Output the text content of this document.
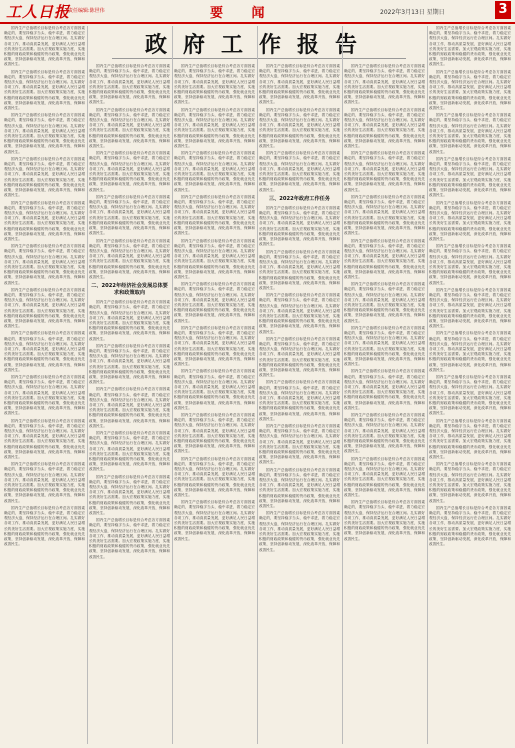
工人日报
责任编辑:陈世伟	要 闻	2022年3月13日 星期日	3
政府工作报告

国内生产总值增长目标是综合考虑各方面因素确定的，要坚持稳字当头、稳中求进，着力稳定宏观经济大盘，保持经济运行在合理区间。扎实做好各项工作，推动高质量发展，更好满足人民日益增长的美好生活需要。加大宏观政策实施力度，实施积极的财政政策和稳健的货币政策，强化就业优先政策，坚持创新驱动发展，深化改革开放，保障和改善民生。

国内生产总值增长目标是综合考虑各方面因素确定的，要坚持稳字当头、稳中求进，着力稳定宏观经济大盘，保持经济运行在合理区间。扎实做好各项工作，推动高质量发展，更好满足人民日益增长的美好生活需要。加大宏观政策实施力度，实施积极的财政政策和稳健的货币政策，强化就业优先政策，坚持创新驱动发展，深化改革开放，保障和改善民生。

国内生产总值增长目标是综合考虑各方面因素确定的，要坚持稳字当头、稳中求进，着力稳定宏观经济大盘，保持经济运行在合理区间。扎实做好各项工作，推动高质量发展，更好满足人民日益增长的美好生活需要。加大宏观政策实施力度，实施积极的财政政策和稳健的货币政策，强化就业优先政策，坚持创新驱动发展，深化改革开放，保障和改善民生。

国内生产总值增长目标是综合考虑各方面因素确定的，要坚持稳字当头、稳中求进，着力稳定宏观经济大盘，保持经济运行在合理区间。扎实做好各项工作，推动高质量发展，更好满足人民日益增长的美好生活需要。加大宏观政策实施力度，实施积极的财政政策和稳健的货币政策，强化就业优先政策，坚持创新驱动发展，深化改革开放，保障和改善民生。

国内生产总值增长目标是综合考虑各方面因素确定的，要坚持稳字当头、稳中求进，着力稳定宏观经济大盘，保持经济运行在合理区间。扎实做好各项工作，推动高质量发展，更好满足人民日益增长的美好生活需要。加大宏观政策实施力度，实施积极的财政政策和稳健的货币政策，强化就业优先政策，坚持创新驱动发展，深化改革开放，保障和改善民生。

国内生产总值增长目标是综合考虑各方面因素确定的，要坚持稳字当头、稳中求进，着力稳定宏观经济大盘，保持经济运行在合理区间。扎实做好各项工作，推动高质量发展，更好满足人民日益增长的美好生活需要。加大宏观政策实施力度，实施积极的财政政策和稳健的货币政策，强化就业优先政策，坚持创新驱动发展，深化改革开放，保障和改善民生。

国内生产总值增长目标是综合考虑各方面因素确定的，要坚持稳字当头、稳中求进，着力稳定宏观经济大盘，保持经济运行在合理区间。扎实做好各项工作，推动高质量发展，更好满足人民日益增长的美好生活需要。加大宏观政策实施力度，实施积极的财政政策和稳健的货币政策，强化就业优先政策，坚持创新驱动发展，深化改革开放，保障和改善民生。

国内生产总值增长目标是综合考虑各方面因素确定的，要坚持稳字当头、稳中求进，着力稳定宏观经济大盘，保持经济运行在合理区间。扎实做好各项工作，推动高质量发展，更好满足人民日益增长的美好生活需要。加大宏观政策实施力度，实施积极的财政政策和稳健的货币政策，强化就业优先政策，坚持创新驱动发展，深化改革开放，保障和改善民生。

国内生产总值增长目标是综合考虑各方面因素确定的，要坚持稳字当头、稳中求进，着力稳定宏观经济大盘，保持经济运行在合理区间。扎实做好各项工作，推动高质量发展，更好满足人民日益增长的美好生活需要。加大宏观政策实施力度，实施积极的财政政策和稳健的货币政策，强化就业优先政策，坚持创新驱动发展，深化改革开放，保障和改善民生。

国内生产总值增长目标是综合考虑各方面因素确定的，要坚持稳字当头、稳中求进，着力稳定宏观经济大盘，保持经济运行在合理区间。扎实做好各项工作，推动高质量发展，更好满足人民日益增长的美好生活需要。加大宏观政策实施力度，实施积极的财政政策和稳健的货币政策，强化就业优先政策，坚持创新驱动发展，深化改革开放，保障和改善民生。

国内生产总值增长目标是综合考虑各方面因素确定的，要坚持稳字当头、稳中求进，着力稳定宏观经济大盘，保持经济运行在合理区间。扎实做好各项工作，推动高质量发展，更好满足人民日益增长的美好生活需要。加大宏观政策实施力度，实施积极的财政政策和稳健的货币政策，强化就业优先政策，坚持创新驱动发展，深化改革开放，保障和改善民生。

国内生产总值增长目标是综合考虑各方面因素确定的，要坚持稳字当头、稳中求进，着力稳定宏观经济大盘，保持经济运行在合理区间。扎实做好各项工作，推动高质量发展，更好满足人民日益增长的美好生活需要。加大宏观政策实施力度，实施积极的财政政策和稳健的货币政策，强化就业优先政策，坚持创新驱动发展，深化改革开放，保障和改善民生。

国内生产总值增长目标是综合考虑各方面因素确定的，要坚持稳字当头、稳中求进，着力稳定宏观经济大盘，保持经济运行在合理区间。扎实做好各项工作，推动高质量发展，更好满足人民日益增长的美好生活需要。加大宏观政策实施力度，实施积极的财政政策和稳健的货币政策，强化就业优先政策，坚持创新驱动发展，深化改革开放，保障和改善民生。

国内生产总值增长目标是综合考虑各方面因素确定的，要坚持稳字当头、稳中求进，着力稳定宏观经济大盘，保持经济运行在合理区间。扎实做好各项工作，推动高质量发展，更好满足人民日益增长的美好生活需要。加大宏观政策实施力度，实施积极的财政政策和稳健的货币政策，强化就业优先政策，坚持创新驱动发展，深化改革开放，保障和改善民生。

国内生产总值增长目标是综合考虑各方面因素确定的，要坚持稳字当头、稳中求进，着力稳定宏观经济大盘，保持经济运行在合理区间。扎实做好各项工作，推动高质量发展，更好满足人民日益增长的美好生活需要。加大宏观政策实施力度，实施积极的财政政策和稳健的货币政策，强化就业优先政策，坚持创新驱动发展，深化改革开放，保障和改善民生。

国内生产总值增长目标是综合考虑各方面因素确定的，要坚持稳字当头、稳中求进，着力稳定宏观经济大盘，保持经济运行在合理区间。扎实做好各项工作，推动高质量发展，更好满足人民日益增长的美好生活需要。加大宏观政策实施力度，实施积极的财政政策和稳健的货币政策，强化就业优先政策，坚持创新驱动发展，深化改革开放，保障和改善民生。

国内生产总值增长目标是综合考虑各方面因素确定的，要坚持稳字当头、稳中求进，着力稳定宏观经济大盘，保持经济运行在合理区间。扎实做好各项工作，推动高质量发展，更好满足人民日益增长的美好生活需要。加大宏观政策实施力度，实施积极的财政政策和稳健的货币政策，强化就业优先政策，坚持创新驱动发展，深化改革开放，保障和改善民生。

二、2022年经济社会发展总体要求和政策取向

国内生产总值增长目标是综合考虑各方面因素确定的，要坚持稳字当头、稳中求进，着力稳定宏观经济大盘，保持经济运行在合理区间。扎实做好各项工作，推动高质量发展，更好满足人民日益增长的美好生活需要。加大宏观政策实施力度，实施积极的财政政策和稳健的货币政策，强化就业优先政策，坚持创新驱动发展，深化改革开放，保障和改善民生。

国内生产总值增长目标是综合考虑各方面因素确定的，要坚持稳字当头、稳中求进，着力稳定宏观经济大盘，保持经济运行在合理区间。扎实做好各项工作，推动高质量发展，更好满足人民日益增长的美好生活需要。加大宏观政策实施力度，实施积极的财政政策和稳健的货币政策，强化就业优先政策，坚持创新驱动发展，深化改革开放，保障和改善民生。

国内生产总值增长目标是综合考虑各方面因素确定的，要坚持稳字当头、稳中求进，着力稳定宏观经济大盘，保持经济运行在合理区间。扎实做好各项工作，推动高质量发展，更好满足人民日益增长的美好生活需要。加大宏观政策实施力度，实施积极的财政政策和稳健的货币政策，强化就业优先政策，坚持创新驱动发展，深化改革开放，保障和改善民生。

国内生产总值增长目标是综合考虑各方面因素确定的，要坚持稳字当头、稳中求进，着力稳定宏观经济大盘，保持经济运行在合理区间。扎实做好各项工作，推动高质量发展，更好满足人民日益增长的美好生活需要。加大宏观政策实施力度，实施积极的财政政策和稳健的货币政策，强化就业优先政策，坚持创新驱动发展，深化改革开放，保障和改善民生。

国内生产总值增长目标是综合考虑各方面因素确定的，要坚持稳字当头、稳中求进，着力稳定宏观经济大盘，保持经济运行在合理区间。扎实做好各项工作，推动高质量发展，更好满足人民日益增长的美好生活需要。加大宏观政策实施力度，实施积极的财政政策和稳健的货币政策，强化就业优先政策，坚持创新驱动发展，深化改革开放，保障和改善民生。

国内生产总值增长目标是综合考虑各方面因素确定的，要坚持稳字当头、稳中求进，着力稳定宏观经济大盘，保持经济运行在合理区间。扎实做好各项工作，推动高质量发展，更好满足人民日益增长的美好生活需要。加大宏观政策实施力度，实施积极的财政政策和稳健的货币政策，强化就业优先政策，坚持创新驱动发展，深化改革开放，保障和改善民生。

国内生产总值增长目标是综合考虑各方面因素确定的，要坚持稳字当头、稳中求进，着力稳定宏观经济大盘，保持经济运行在合理区间。扎实做好各项工作，推动高质量发展，更好满足人民日益增长的美好生活需要。加大宏观政策实施力度，实施积极的财政政策和稳健的货币政策，强化就业优先政策，坚持创新驱动发展，深化改革开放，保障和改善民生。

国内生产总值增长目标是综合考虑各方面因素确定的，要坚持稳字当头、稳中求进，着力稳定宏观经济大盘，保持经济运行在合理区间。扎实做好各项工作，推动高质量发展，更好满足人民日益增长的美好生活需要。加大宏观政策实施力度，实施积极的财政政策和稳健的货币政策，强化就业优先政策，坚持创新驱动发展，深化改革开放，保障和改善民生。

国内生产总值增长目标是综合考虑各方面因素确定的，要坚持稳字当头、稳中求进，着力稳定宏观经济大盘，保持经济运行在合理区间。扎实做好各项工作，推动高质量发展，更好满足人民日益增长的美好生活需要。加大宏观政策实施力度，实施积极的财政政策和稳健的货币政策，强化就业优先政策，坚持创新驱动发展，深化改革开放，保障和改善民生。

国内生产总值增长目标是综合考虑各方面因素确定的，要坚持稳字当头、稳中求进，着力稳定宏观经济大盘，保持经济运行在合理区间。扎实做好各项工作，推动高质量发展，更好满足人民日益增长的美好生活需要。加大宏观政策实施力度，实施积极的财政政策和稳健的货币政策，强化就业优先政策，坚持创新驱动发展，深化改革开放，保障和改善民生。

国内生产总值增长目标是综合考虑各方面因素确定的，要坚持稳字当头、稳中求进，着力稳定宏观经济大盘，保持经济运行在合理区间。扎实做好各项工作，推动高质量发展，更好满足人民日益增长的美好生活需要。加大宏观政策实施力度，实施积极的财政政策和稳健的货币政策，强化就业优先政策，坚持创新驱动发展，深化改革开放，保障和改善民生。

国内生产总值增长目标是综合考虑各方面因素确定的，要坚持稳字当头、稳中求进，着力稳定宏观经济大盘，保持经济运行在合理区间。扎实做好各项工作，推动高质量发展，更好满足人民日益增长的美好生活需要。加大宏观政策实施力度，实施积极的财政政策和稳健的货币政策，强化就业优先政策，坚持创新驱动发展，深化改革开放，保障和改善民生。

国内生产总值增长目标是综合考虑各方面因素确定的，要坚持稳字当头、稳中求进，着力稳定宏观经济大盘，保持经济运行在合理区间。扎实做好各项工作，推动高质量发展，更好满足人民日益增长的美好生活需要。加大宏观政策实施力度，实施积极的财政政策和稳健的货币政策，强化就业优先政策，坚持创新驱动发展，深化改革开放，保障和改善民生。

国内生产总值增长目标是综合考虑各方面因素确定的，要坚持稳字当头、稳中求进，着力稳定宏观经济大盘，保持经济运行在合理区间。扎实做好各项工作，推动高质量发展，更好满足人民日益增长的美好生活需要。加大宏观政策实施力度，实施积极的财政政策和稳健的货币政策，强化就业优先政策，坚持创新驱动发展，深化改革开放，保障和改善民生。

国内生产总值增长目标是综合考虑各方面因素确定的，要坚持稳字当头、稳中求进，着力稳定宏观经济大盘，保持经济运行在合理区间。扎实做好各项工作，推动高质量发展，更好满足人民日益增长的美好生活需要。加大宏观政策实施力度，实施积极的财政政策和稳健的货币政策，强化就业优先政策，坚持创新驱动发展，深化改革开放，保障和改善民生。

国内生产总值增长目标是综合考虑各方面因素确定的，要坚持稳字当头、稳中求进，着力稳定宏观经济大盘，保持经济运行在合理区间。扎实做好各项工作，推动高质量发展，更好满足人民日益增长的美好生活需要。加大宏观政策实施力度，实施积极的财政政策和稳健的货币政策，强化就业优先政策，坚持创新驱动发展，深化改革开放，保障和改善民生。

国内生产总值增长目标是综合考虑各方面因素确定的，要坚持稳字当头、稳中求进，着力稳定宏观经济大盘，保持经济运行在合理区间。扎实做好各项工作，推动高质量发展，更好满足人民日益增长的美好生活需要。加大宏观政策实施力度，实施积极的财政政策和稳健的货币政策，强化就业优先政策，坚持创新驱动发展，深化改革开放，保障和改善民生。

国内生产总值增长目标是综合考虑各方面因素确定的，要坚持稳字当头、稳中求进，着力稳定宏观经济大盘，保持经济运行在合理区间。扎实做好各项工作，推动高质量发展，更好满足人民日益增长的美好生活需要。加大宏观政策实施力度，实施积极的财政政策和稳健的货币政策，强化就业优先政策，坚持创新驱动发展，深化改革开放，保障和改善民生。

国内生产总值增长目标是综合考虑各方面因素确定的，要坚持稳字当头、稳中求进，着力稳定宏观经济大盘，保持经济运行在合理区间。扎实做好各项工作，推动高质量发展，更好满足人民日益增长的美好生活需要。加大宏观政策实施力度，实施积极的财政政策和稳健的货币政策，强化就业优先政策，坚持创新驱动发展，深化改革开放，保障和改善民生。

国内生产总值增长目标是综合考虑各方面因素确定的，要坚持稳字当头、稳中求进，着力稳定宏观经济大盘，保持经济运行在合理区间。扎实做好各项工作，推动高质量发展，更好满足人民日益增长的美好生活需要。加大宏观政策实施力度，实施积极的财政政策和稳健的货币政策，强化就业优先政策，坚持创新驱动发展，深化改革开放，保障和改善民生。

三、2022年政府工作任务

国内生产总值增长目标是综合考虑各方面因素确定的，要坚持稳字当头、稳中求进，着力稳定宏观经济大盘，保持经济运行在合理区间。扎实做好各项工作，推动高质量发展，更好满足人民日益增长的美好生活需要。加大宏观政策实施力度，实施积极的财政政策和稳健的货币政策，强化就业优先政策，坚持创新驱动发展，深化改革开放，保障和改善民生。

国内生产总值增长目标是综合考虑各方面因素确定的，要坚持稳字当头、稳中求进，着力稳定宏观经济大盘，保持经济运行在合理区间。扎实做好各项工作，推动高质量发展，更好满足人民日益增长的美好生活需要。加大宏观政策实施力度，实施积极的财政政策和稳健的货币政策，强化就业优先政策，坚持创新驱动发展，深化改革开放，保障和改善民生。

国内生产总值增长目标是综合考虑各方面因素确定的，要坚持稳字当头、稳中求进，着力稳定宏观经济大盘，保持经济运行在合理区间。扎实做好各项工作，推动高质量发展，更好满足人民日益增长的美好生活需要。加大宏观政策实施力度，实施积极的财政政策和稳健的货币政策，强化就业优先政策，坚持创新驱动发展，深化改革开放，保障和改善民生。

国内生产总值增长目标是综合考虑各方面因素确定的，要坚持稳字当头、稳中求进，着力稳定宏观经济大盘，保持经济运行在合理区间。扎实做好各项工作，推动高质量发展，更好满足人民日益增长的美好生活需要。加大宏观政策实施力度，实施积极的财政政策和稳健的货币政策，强化就业优先政策，坚持创新驱动发展，深化改革开放，保障和改善民生。

国内生产总值增长目标是综合考虑各方面因素确定的，要坚持稳字当头、稳中求进，着力稳定宏观经济大盘，保持经济运行在合理区间。扎实做好各项工作，推动高质量发展，更好满足人民日益增长的美好生活需要。加大宏观政策实施力度，实施积极的财政政策和稳健的货币政策，强化就业优先政策，坚持创新驱动发展，深化改革开放，保障和改善民生。

国内生产总值增长目标是综合考虑各方面因素确定的，要坚持稳字当头、稳中求进，着力稳定宏观经济大盘，保持经济运行在合理区间。扎实做好各项工作，推动高质量发展，更好满足人民日益增长的美好生活需要。加大宏观政策实施力度，实施积极的财政政策和稳健的货币政策，强化就业优先政策，坚持创新驱动发展，深化改革开放，保障和改善民生。

国内生产总值增长目标是综合考虑各方面因素确定的，要坚持稳字当头、稳中求进，着力稳定宏观经济大盘，保持经济运行在合理区间。扎实做好各项工作，推动高质量发展，更好满足人民日益增长的美好生活需要。加大宏观政策实施力度，实施积极的财政政策和稳健的货币政策，强化就业优先政策，坚持创新驱动发展，深化改革开放，保障和改善民生。

国内生产总值增长目标是综合考虑各方面因素确定的，要坚持稳字当头、稳中求进，着力稳定宏观经济大盘，保持经济运行在合理区间。扎实做好各项工作，推动高质量发展，更好满足人民日益增长的美好生活需要。加大宏观政策实施力度，实施积极的财政政策和稳健的货币政策，强化就业优先政策，坚持创新驱动发展，深化改革开放，保障和改善民生。

国内生产总值增长目标是综合考虑各方面因素确定的，要坚持稳字当头、稳中求进，着力稳定宏观经济大盘，保持经济运行在合理区间。扎实做好各项工作，推动高质量发展，更好满足人民日益增长的美好生活需要。加大宏观政策实施力度，实施积极的财政政策和稳健的货币政策，强化就业优先政策，坚持创新驱动发展，深化改革开放，保障和改善民生。

国内生产总值增长目标是综合考虑各方面因素确定的，要坚持稳字当头、稳中求进，着力稳定宏观经济大盘，保持经济运行在合理区间。扎实做好各项工作，推动高质量发展，更好满足人民日益增长的美好生活需要。加大宏观政策实施力度，实施积极的财政政策和稳健的货币政策，强化就业优先政策，坚持创新驱动发展，深化改革开放，保障和改善民生。

国内生产总值增长目标是综合考虑各方面因素确定的，要坚持稳字当头、稳中求进，着力稳定宏观经济大盘，保持经济运行在合理区间。扎实做好各项工作，推动高质量发展，更好满足人民日益增长的美好生活需要。加大宏观政策实施力度，实施积极的财政政策和稳健的货币政策，强化就业优先政策，坚持创新驱动发展，深化改革开放，保障和改善民生。

国内生产总值增长目标是综合考虑各方面因素确定的，要坚持稳字当头、稳中求进，着力稳定宏观经济大盘，保持经济运行在合理区间。扎实做好各项工作，推动高质量发展，更好满足人民日益增长的美好生活需要。加大宏观政策实施力度，实施积极的财政政策和稳健的货币政策，强化就业优先政策，坚持创新驱动发展，深化改革开放，保障和改善民生。

国内生产总值增长目标是综合考虑各方面因素确定的，要坚持稳字当头、稳中求进，着力稳定宏观经济大盘，保持经济运行在合理区间。扎实做好各项工作，推动高质量发展，更好满足人民日益增长的美好生活需要。加大宏观政策实施力度，实施积极的财政政策和稳健的货币政策，强化就业优先政策，坚持创新驱动发展，深化改革开放，保障和改善民生。

国内生产总值增长目标是综合考虑各方面因素确定的，要坚持稳字当头、稳中求进，着力稳定宏观经济大盘，保持经济运行在合理区间。扎实做好各项工作，推动高质量发展，更好满足人民日益增长的美好生活需要。加大宏观政策实施力度，实施积极的财政政策和稳健的货币政策，强化就业优先政策，坚持创新驱动发展，深化改革开放，保障和改善民生。

国内生产总值增长目标是综合考虑各方面因素确定的，要坚持稳字当头、稳中求进，着力稳定宏观经济大盘，保持经济运行在合理区间。扎实做好各项工作，推动高质量发展，更好满足人民日益增长的美好生活需要。加大宏观政策实施力度，实施积极的财政政策和稳健的货币政策，强化就业优先政策，坚持创新驱动发展，深化改革开放，保障和改善民生。

国内生产总值增长目标是综合考虑各方面因素确定的，要坚持稳字当头、稳中求进，着力稳定宏观经济大盘，保持经济运行在合理区间。扎实做好各项工作，推动高质量发展，更好满足人民日益增长的美好生活需要。加大宏观政策实施力度，实施积极的财政政策和稳健的货币政策，强化就业优先政策，坚持创新驱动发展，深化改革开放，保障和改善民生。

国内生产总值增长目标是综合考虑各方面因素确定的，要坚持稳字当头、稳中求进，着力稳定宏观经济大盘，保持经济运行在合理区间。扎实做好各项工作，推动高质量发展，更好满足人民日益增长的美好生活需要。加大宏观政策实施力度，实施积极的财政政策和稳健的货币政策，强化就业优先政策，坚持创新驱动发展，深化改革开放，保障和改善民生。

国内生产总值增长目标是综合考虑各方面因素确定的，要坚持稳字当头、稳中求进，着力稳定宏观经济大盘，保持经济运行在合理区间。扎实做好各项工作，推动高质量发展，更好满足人民日益增长的美好生活需要。加大宏观政策实施力度，实施积极的财政政策和稳健的货币政策，强化就业优先政策，坚持创新驱动发展，深化改革开放，保障和改善民生。

国内生产总值增长目标是综合考虑各方面因素确定的，要坚持稳字当头、稳中求进，着力稳定宏观经济大盘，保持经济运行在合理区间。扎实做好各项工作，推动高质量发展，更好满足人民日益增长的美好生活需要。加大宏观政策实施力度，实施积极的财政政策和稳健的货币政策，强化就业优先政策，坚持创新驱动发展，深化改革开放，保障和改善民生。

国内生产总值增长目标是综合考虑各方面因素确定的，要坚持稳字当头、稳中求进，着力稳定宏观经济大盘，保持经济运行在合理区间。扎实做好各项工作，推动高质量发展，更好满足人民日益增长的美好生活需要。加大宏观政策实施力度，实施积极的财政政策和稳健的货币政策，强化就业优先政策，坚持创新驱动发展，深化改革开放，保障和改善民生。

国内生产总值增长目标是综合考虑各方面因素确定的，要坚持稳字当头、稳中求进，着力稳定宏观经济大盘，保持经济运行在合理区间。扎实做好各项工作，推动高质量发展，更好满足人民日益增长的美好生活需要。加大宏观政策实施力度，实施积极的财政政策和稳健的货币政策，强化就业优先政策，坚持创新驱动发展，深化改革开放，保障和改善民生。

国内生产总值增长目标是综合考虑各方面因素确定的，要坚持稳字当头、稳中求进，着力稳定宏观经济大盘，保持经济运行在合理区间。扎实做好各项工作，推动高质量发展，更好满足人民日益增长的美好生活需要。加大宏观政策实施力度，实施积极的财政政策和稳健的货币政策，强化就业优先政策，坚持创新驱动发展，深化改革开放，保障和改善民生。

国内生产总值增长目标是综合考虑各方面因素确定的，要坚持稳字当头、稳中求进，着力稳定宏观经济大盘，保持经济运行在合理区间。扎实做好各项工作，推动高质量发展，更好满足人民日益增长的美好生活需要。加大宏观政策实施力度，实施积极的财政政策和稳健的货币政策，强化就业优先政策，坚持创新驱动发展，深化改革开放，保障和改善民生。

国内生产总值增长目标是综合考虑各方面因素确定的，要坚持稳字当头、稳中求进，着力稳定宏观经济大盘，保持经济运行在合理区间。扎实做好各项工作，推动高质量发展，更好满足人民日益增长的美好生活需要。加大宏观政策实施力度，实施积极的财政政策和稳健的货币政策，强化就业优先政策，坚持创新驱动发展，深化改革开放，保障和改善民生。

国内生产总值增长目标是综合考虑各方面因素确定的，要坚持稳字当头、稳中求进，着力稳定宏观经济大盘，保持经济运行在合理区间。扎实做好各项工作，推动高质量发展，更好满足人民日益增长的美好生活需要。加大宏观政策实施力度，实施积极的财政政策和稳健的货币政策，强化就业优先政策，坚持创新驱动发展，深化改革开放，保障和改善民生。

国内生产总值增长目标是综合考虑各方面因素确定的，要坚持稳字当头、稳中求进，着力稳定宏观经济大盘，保持经济运行在合理区间。扎实做好各项工作，推动高质量发展，更好满足人民日益增长的美好生活需要。加大宏观政策实施力度，实施积极的财政政策和稳健的货币政策，强化就业优先政策，坚持创新驱动发展，深化改革开放，保障和改善民生。

国内生产总值增长目标是综合考虑各方面因素确定的，要坚持稳字当头、稳中求进，着力稳定宏观经济大盘，保持经济运行在合理区间。扎实做好各项工作，推动高质量发展，更好满足人民日益增长的美好生活需要。加大宏观政策实施力度，实施积极的财政政策和稳健的货币政策，强化就业优先政策，坚持创新驱动发展，深化改革开放，保障和改善民生。

国内生产总值增长目标是综合考虑各方面因素确定的，要坚持稳字当头、稳中求进，着力稳定宏观经济大盘，保持经济运行在合理区间。扎实做好各项工作，推动高质量发展，更好满足人民日益增长的美好生活需要。加大宏观政策实施力度，实施积极的财政政策和稳健的货币政策，强化就业优先政策，坚持创新驱动发展，深化改革开放，保障和改善民生。

国内生产总值增长目标是综合考虑各方面因素确定的，要坚持稳字当头、稳中求进，着力稳定宏观经济大盘，保持经济运行在合理区间。扎实做好各项工作，推动高质量发展，更好满足人民日益增长的美好生活需要。加大宏观政策实施力度，实施积极的财政政策和稳健的货币政策，强化就业优先政策，坚持创新驱动发展，深化改革开放，保障和改善民生。

国内生产总值增长目标是综合考虑各方面因素确定的，要坚持稳字当头、稳中求进，着力稳定宏观经济大盘，保持经济运行在合理区间。扎实做好各项工作，推动高质量发展，更好满足人民日益增长的美好生活需要。加大宏观政策实施力度，实施积极的财政政策和稳健的货币政策，强化就业优先政策，坚持创新驱动发展，深化改革开放，保障和改善民生。

国内生产总值增长目标是综合考虑各方面因素确定的，要坚持稳字当头、稳中求进，着力稳定宏观经济大盘，保持经济运行在合理区间。扎实做好各项工作，推动高质量发展，更好满足人民日益增长的美好生活需要。加大宏观政策实施力度，实施积极的财政政策和稳健的货币政策，强化就业优先政策，坚持创新驱动发展，深化改革开放，保障和改善民生。
